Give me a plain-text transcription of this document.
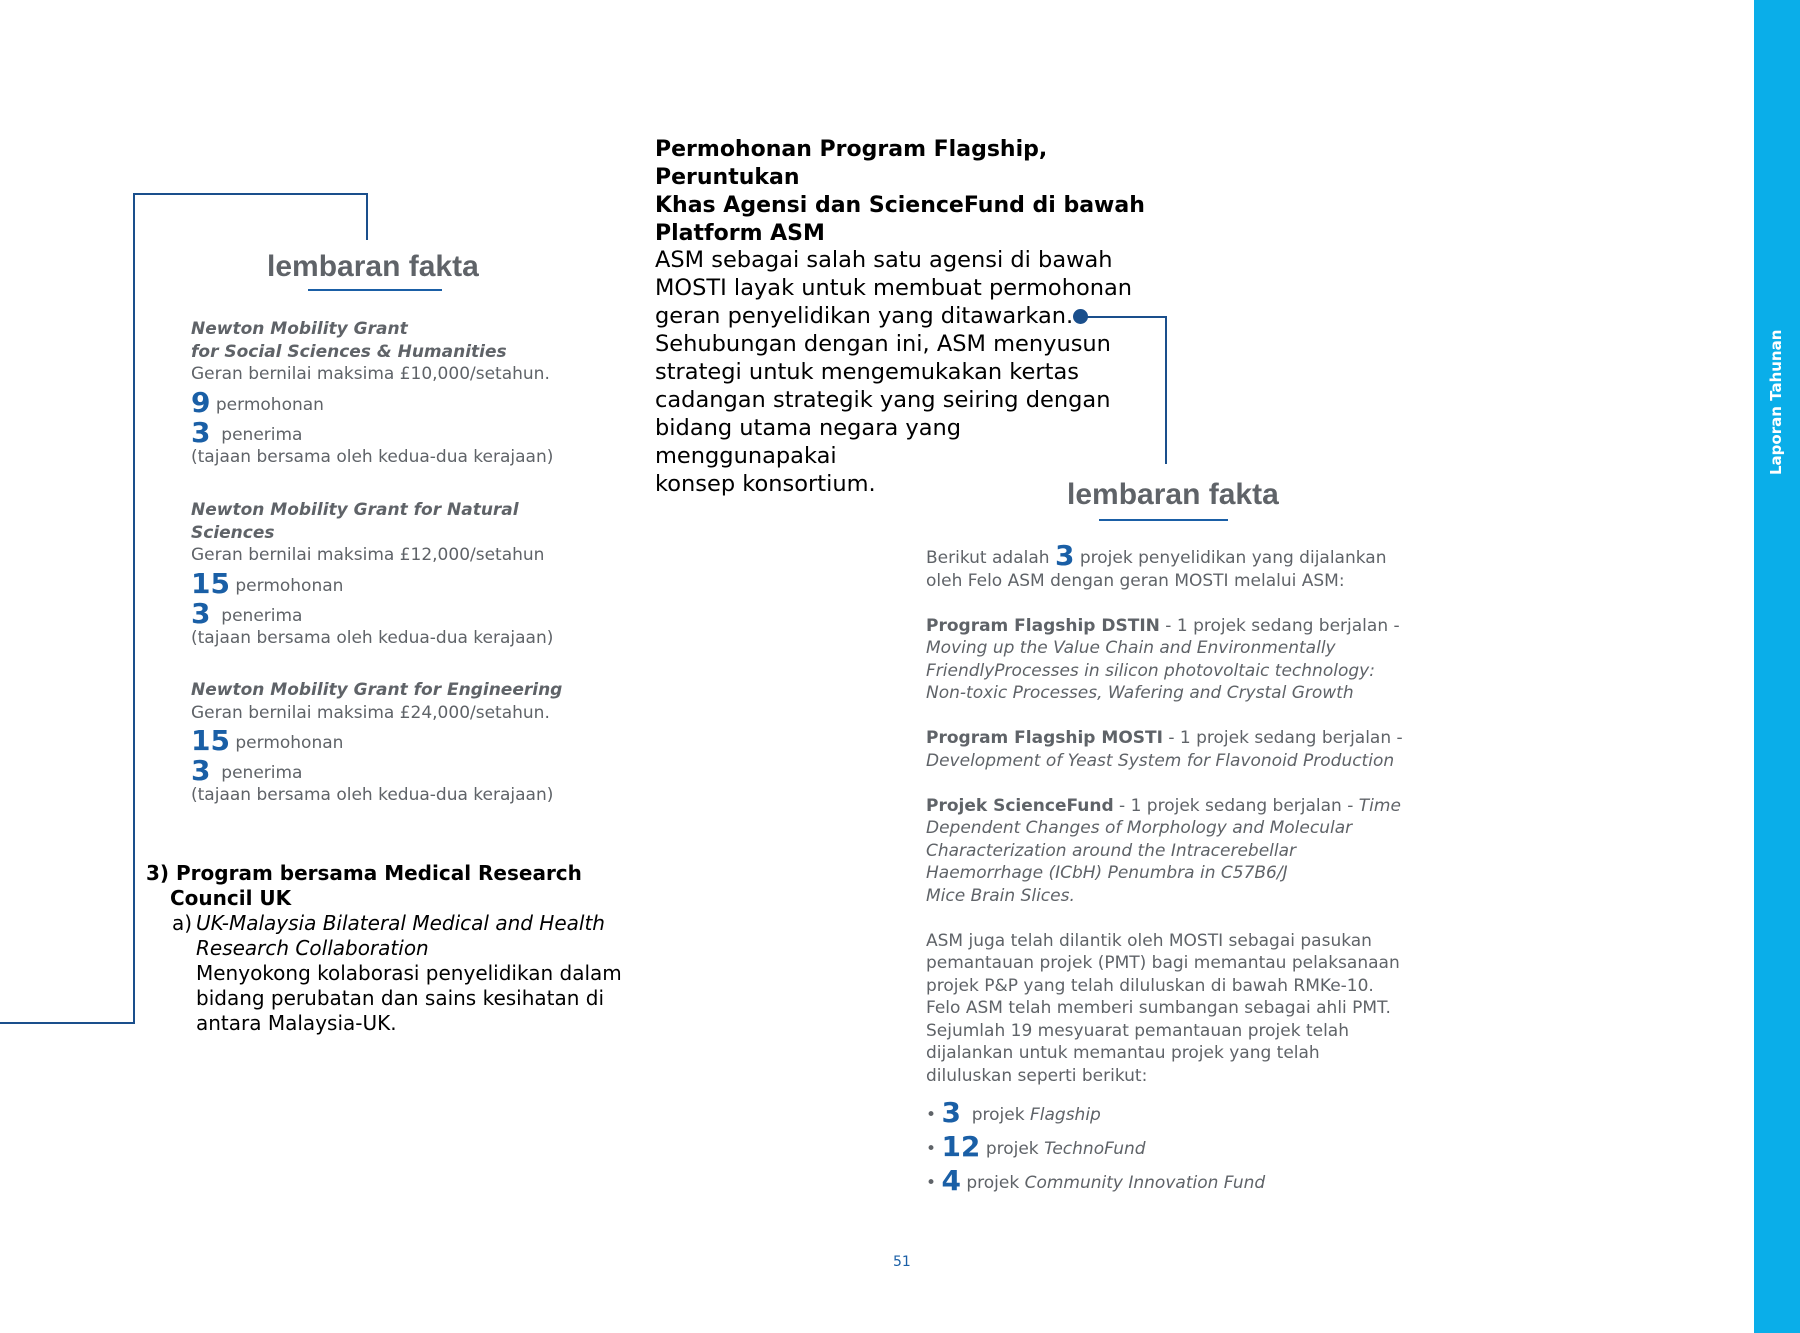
Laporan Tahunan
lembaran fakta
Newton Mobility Grant
for Social Sciences & Humanities
Geran bernilai maksima £10,000/setahun.
9 permohonan
3 penerima
(tajaan bersama oleh kedua-dua kerajaan)
Newton Mobility Grant for Natural
Sciences
Geran bernilai maksima £12,000/setahun
15 permohonan
3 penerima
(tajaan bersama oleh kedua-dua kerajaan)
Newton Mobility Grant for Engineering
Geran bernilai maksima £24,000/setahun.
15 permohonan
3 penerima
(tajaan bersama oleh kedua-dua kerajaan)
3) Program bersama Medical Research
Council UK
a) UK-Malaysia Bilateral Medical and Health
Research Collaboration
Menyokong kolaborasi penyelidikan dalam
bidang perubatan dan sains kesihatan di
antara Malaysia-UK.
Permohonan Program Flagship, Peruntukan
Khas Agensi dan ScienceFund di bawah
Platform ASM
ASM sebagai salah satu agensi di bawah
MOSTI layak untuk membuat permohonan
geran penyelidikan yang ditawarkan.
Sehubungan dengan ini, ASM menyusun
strategi untuk mengemukakan kertas
cadangan strategik yang seiring dengan
bidang utama negara yang menggunapakai
konsep konsortium.	lembaran fakta

Berikut adalah 3 projek penyelidikan yang dijalankan
oleh Felo ASM dengan geran MOSTI melalui ASM:

Program Flagship DSTIN - 1 projek sedang berjalan -
Moving up the Value Chain and Environmentally
FriendlyProcesses in silicon photovoltaic technology:
Non-toxic Processes, Wafering and Crystal Growth

Program Flagship MOSTI - 1 projek sedang berjalan -
Development of Yeast System for Flavonoid Production

Projek ScienceFund - 1 projek sedang berjalan - Time
Dependent Changes of Morphology and Molecular
Characterization around the Intracerebellar
Haemorrhage (ICbH) Penumbra in C57B6/J
Mice Brain Slices.

ASM juga telah dilantik oleh MOSTI sebagai pasukan
pemantauan projek (PMT) bagi memantau pelaksanaan
projek P&P yang telah diluluskan di bawah RMKe-10.
Felo ASM telah memberi sumbangan sebagai ahli PMT.
Sejumlah 19 mesyuarat pemantauan projek telah
dijalankan untuk memantau projek yang telah
diluluskan seperti berikut:

• 3 projek Flagship
• 12 projek TechnoFund
• 4 projek Community Innovation Fund
51
